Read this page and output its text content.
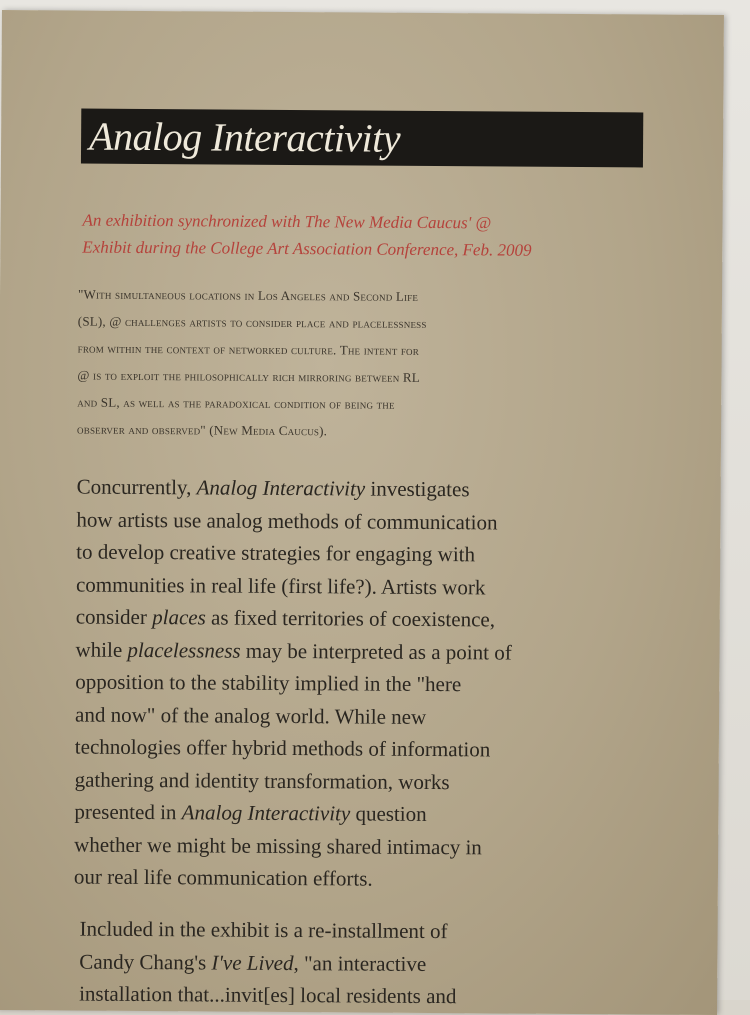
Analog Interactivity
An exhibition synchronized with The New Media Caucus' @
Exhibit during the College Art Association Conference, Feb. 2009
"With simultaneous locations in Los Angeles and Second Life
(SL), @ challenges artists to consider place and placelessness
from within the context of networked culture. The intent for
@ is to exploit the philosophically rich mirroring between RL
and SL, as well as the paradoxical condition of being the
observer and observed" (New Media Caucus).
Concurrently, Analog Interactivity investigates
how artists use analog methods of communication
to develop creative strategies for engaging with
communities in real life (first life?). Artists work
consider places as fixed territories of coexistence,
while placelessness may be interpreted as a point of
opposition to the stability implied in the "here
and now" of the analog world. While new
technologies offer hybrid methods of information
gathering and identity transformation, works
presented in Analog Interactivity question
whether we might be missing shared intimacy in
our real life communication efforts.
Included in the exhibit is a re-installment of
Candy Chang's I've Lived, "an interactive
installation that...invit[es] local residents and
